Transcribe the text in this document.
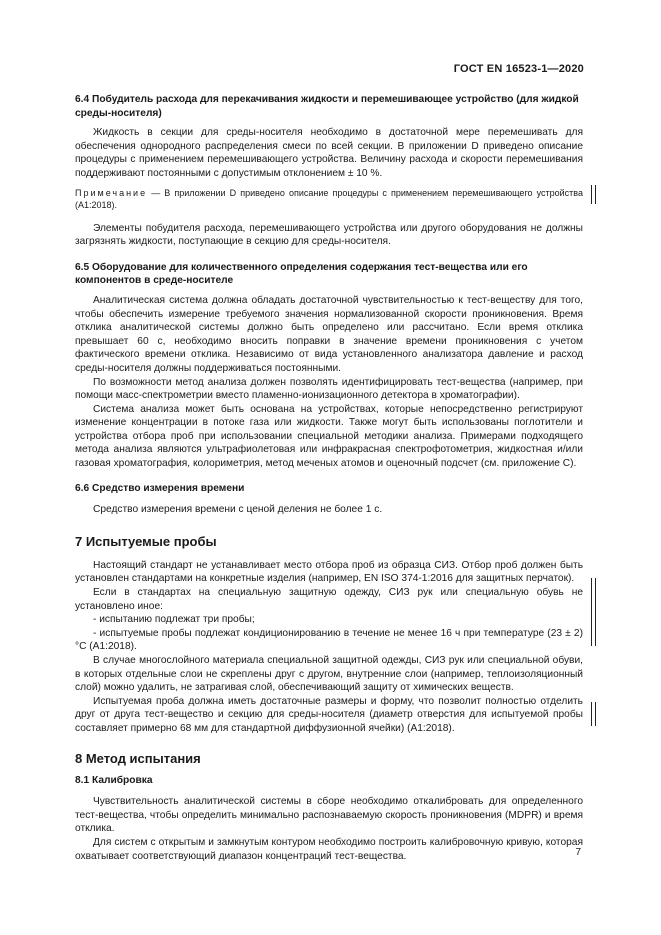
ГОСТ EN 16523-1—2020

6.4 Побудитель расхода для перекачивания жидкости и перемешивающее устройство (для жидкой среды-носителя)

Жидкость в секции для среды-носителя необходимо в достаточной мере перемешивать для обеспечения однородного распределения смеси по всей секции. В приложении D приведено описание процедуры с применением перемешивающего устройства. Величину расхода и скорости перемешивания поддерживают постоянными с допустимым отклонением ± 10 %.

Примечание — В приложении D приведено описание процедуры с применением перемешивающего устройства (А1:2018).

Элементы побудителя расхода, перемешивающего устройства или другого оборудования не должны загрязнять жидкости, поступающие в секцию для среды-носителя.

6.5 Оборудование для количественного определения содержания тест-вещества или его компонентов в среде-носителе

Аналитическая система должна обладать достаточной чувствительностью к тест-веществу для того, чтобы обеспечить измерение требуемого значения нормализованной скорости проникновения. Время отклика аналитической системы должно быть определено или рассчитано. Если время отклика превышает 60 с, необходимо вносить поправки в значение времени проникновения с учетом фактического времени отклика. Независимо от вида установленного анализатора давление и расход среды-носителя должны поддерживаться постоянными.

По возможности метод анализа должен позволять идентифицировать тест-вещества (например, при помощи масс-спектрометрии вместо пламенно-ионизационного детектора в хроматографии).

Система анализа может быть основана на устройствах, которые непосредственно регистрируют изменение концентрации в потоке газа или жидкости. Также могут быть использованы поглотители и устройства отбора проб при использовании специальной методики анализа. Примерами подходящего метода анализа являются ультрафиолетовая или инфракрасная спектрофотометрия, жидкостная и/или газовая хроматография, колориметрия, метод меченых атомов и оценочный подсчет (см. приложение С).

6.6 Средство измерения времени

Средство измерения времени с ценой деления не более 1 с.

7 Испытуемые пробы

Настоящий стандарт не устанавливает место отбора проб из образца СИЗ. Отбор проб должен быть установлен стандартами на конкретные изделия (например, EN ISO 374-1:2016 для защитных перчаток).

Если в стандартах на специальную защитную одежду, СИЗ рук или специальную обувь не установлено иное:

- испытанию подлежат три пробы;

- испытуемые пробы подлежат кондиционированию в течение не менее 16 ч при температуре (23 ± 2) °С (А1:2018).

В случае многослойного материала специальной защитной одежды, СИЗ рук или специальной обуви, в которых отдельные слои не скреплены друг с другом, внутренние слои (например, теплоизоляционный слой) можно удалить, не затрагивая слой, обеспечивающий защиту от химических веществ.

Испытуемая проба должна иметь достаточные размеры и форму, что позволит полностью отделить друг от друга тест-вещество и секцию для среды-носителя (диаметр отверстия для испытуемой пробы составляет примерно 68 мм для стандартной диффузионной ячейки) (А1:2018).

8 Метод испытания

8.1 Калибровка

Чувствительность аналитической системы в сборе необходимо откалибровать для определенного тест-вещества, чтобы определить минимально распознаваемую скорость проникновения (MDPR) и время отклика.

Для систем с открытым и замкнутым контуром необходимо построить калибровочную кривую, которая охватывает соответствующий диапазон концентраций тест-вещества.	7
